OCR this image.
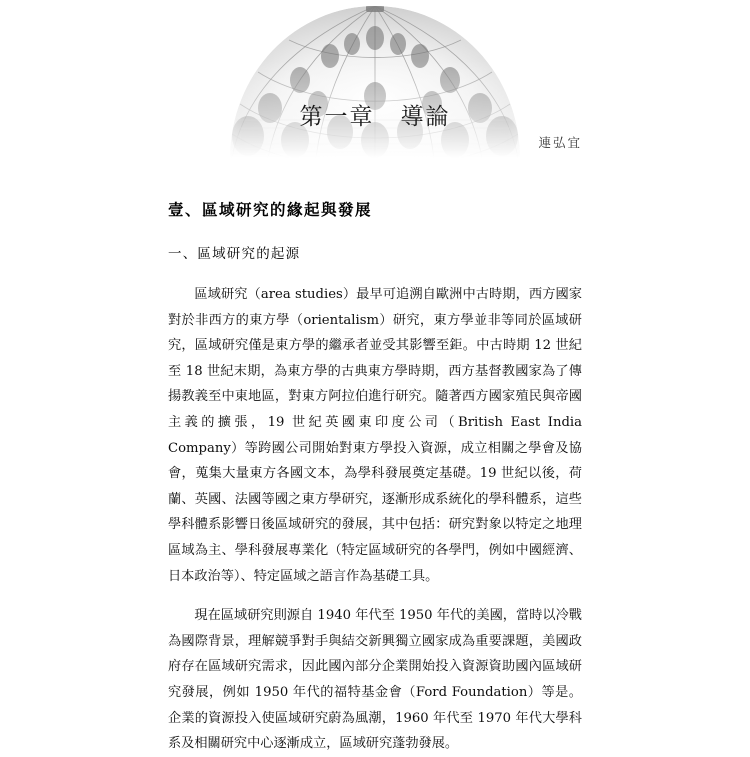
第一章 導論
連弘宜
壹、區域研究的緣起與發展
一、區域研究的起源

區域研究（area studies）最早可追溯自歐洲中古時期，西方國家對於非西方的東方學（orientalism）研究，東方學並非等同於區域研究，區域研究僅是東方學的繼承者並受其影響至鉅。中古時期 12 世紀至 18 世紀末期，為東方學的古典東方學時期，西方基督教國家為了傳揚教義至中東地區，對東方阿拉伯進行研究。隨著西方國家殖民與帝國主義的擴張，19 世紀英國東印度公司（British East India Company）等跨國公司開始對東方學投入資源，成立相關之學會及協會，蒐集大量東方各國文本，為學科發展奠定基礎。19 世紀以後，荷蘭、英國、法國等國之東方學研究，逐漸形成系統化的學科體系，這些學科體系影響日後區域研究的發展，其中包括：研究對象以特定之地理區域為主、學科發展專業化（特定區域研究的各學門，例如中國經濟、日本政治等）、特定區域之語言作為基礎工具。

現在區域研究則源自 1940 年代至 1950 年代的美國，當時以冷戰為國際背景，理解競爭對手與結交新興獨立國家成為重要課題，美國政府存在區域研究需求，因此國內部分企業開始投入資源資助國內區域研究發展，例如 1950 年代的福特基金會（Ford Foundation）等是。企業的資源投入使區域研究蔚為風潮，1960 年代至 1970 年代大學科系及相關研究中心逐漸成立，區域研究蓬勃發展。
